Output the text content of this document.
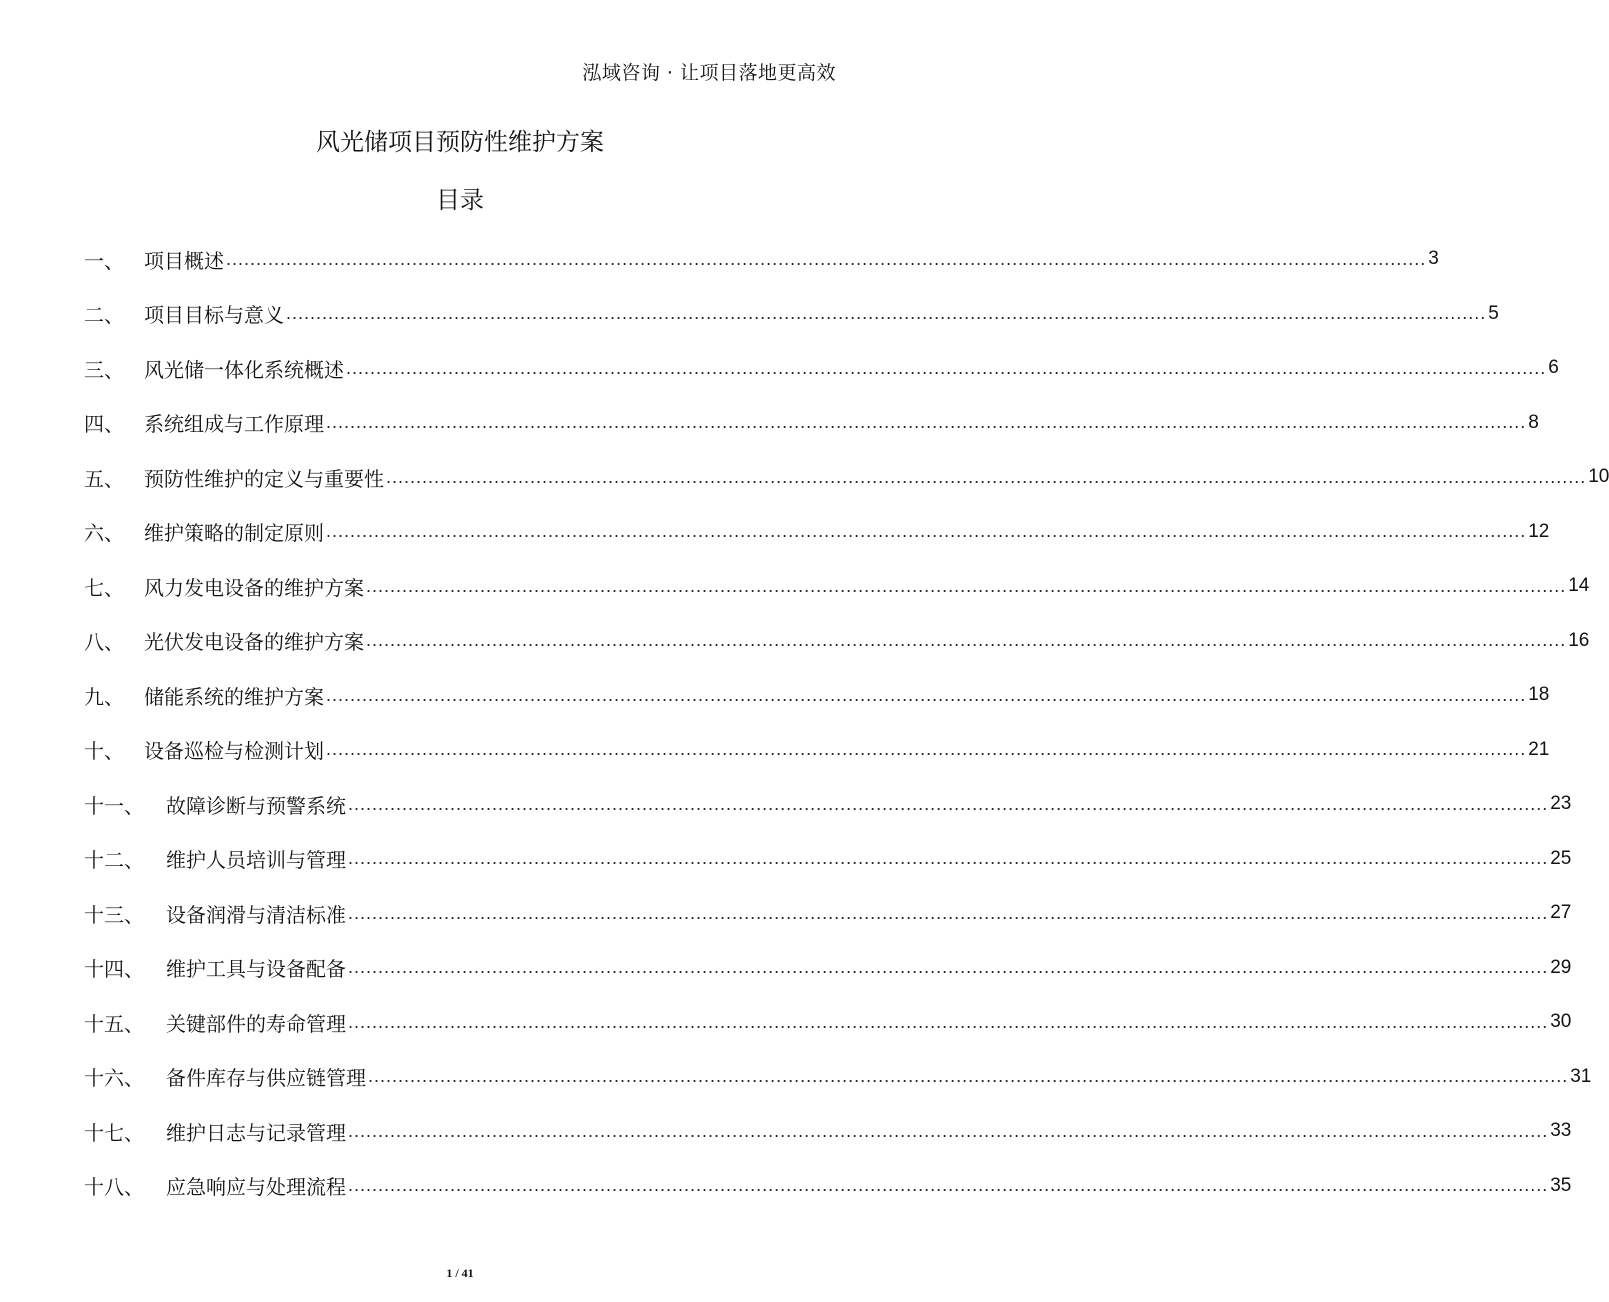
泓域咨询 · 让项目落地更高效
风光储项目预防性维护方案
目录
一、	项目概述 ........................................................................................................................................................................................................ 3
二、	项目目标与意义 ........................................................................................................................................................................................................ 5
三、	风光储一体化系统概述 ........................................................................................................................................................................................................ 6
四、	系统组成与工作原理 ........................................................................................................................................................................................................ 8
五、	预防性维护的定义与重要性 ........................................................................................................................................................................................................ 10
六、	维护策略的制定原则 ........................................................................................................................................................................................................ 12
七、	风力发电设备的维护方案 ........................................................................................................................................................................................................ 14
八、	光伏发电设备的维护方案 ........................................................................................................................................................................................................ 16
九、	储能系统的维护方案 ........................................................................................................................................................................................................ 18
十、	设备巡检与检测计划 ........................................................................................................................................................................................................ 21
十一、	故障诊断与预警系统 ........................................................................................................................................................................................................ 23
十二、	维护人员培训与管理 ........................................................................................................................................................................................................ 25
十三、	设备润滑与清洁标准 ........................................................................................................................................................................................................ 27
十四、	维护工具与设备配备 ........................................................................................................................................................................................................ 29
十五、	关键部件的寿命管理 ........................................................................................................................................................................................................ 30
十六、	备件库存与供应链管理 ........................................................................................................................................................................................................ 31
十七、	维护日志与记录管理 ........................................................................................................................................................................................................ 33
十八、	应急响应与处理流程 ........................................................................................................................................................................................................ 35
1 / 41
